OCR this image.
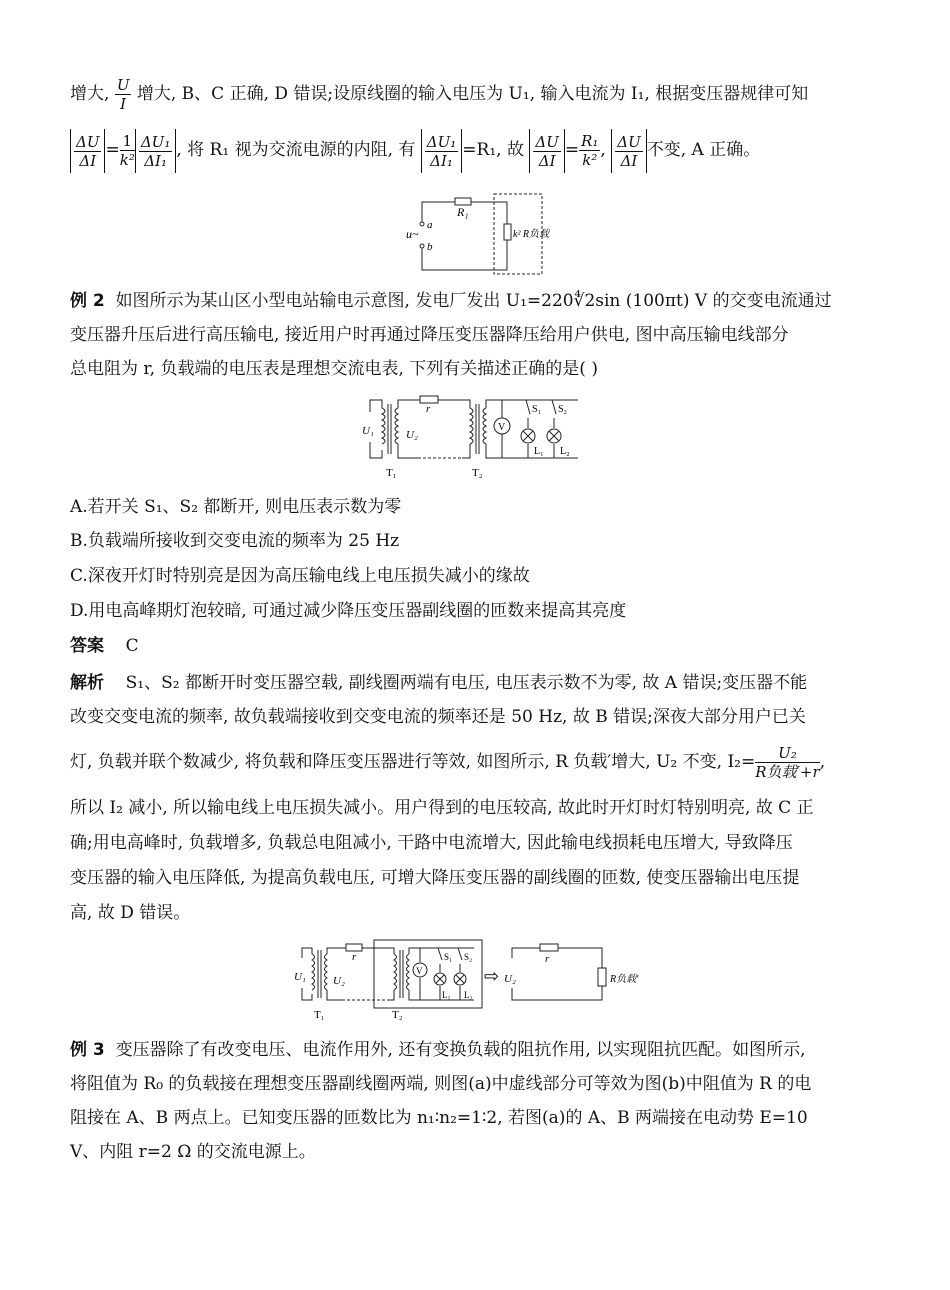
增大, $\frac{U}{I}$ 增大, B、C 正确, D 错误;设原线圈的输入电压为 U₁, 输入电流为 I₁, 根据变压器规律可知
$\frac{\Delta U}{\Delta I} = \frac{1}{\text{k²}} \frac{\text{ΔU₁}}{\text{ΔI₁}}$ , 将 R₁ 视为交流电源的内阻, 有 $\frac{\text{ΔU₁}}{\text{ΔI₁}} =R_1$, 故 $\frac{\Delta U}{\Delta I} = \frac{\text{R₁}}{\text{k²}}$ , $\frac{\Delta U}{\Delta I}$ 不变, A 正确。
R₁
u~
a
b
k² R负载
例 2 如图所示为某山区小型电站输电示意图, 发电厂发出 U₁=220∜2sin (100πt) V 的交变电流通过
变压器升压后进行高压输电, 接近用户时再通过降压变压器降压给用户供电, 图中高压输电线部分
总电阻为 r, 负载端的电压表是理想交流电表, 下列有关描述正确的是( )
U₁	U₂
r
T₁	T₂
V
S₁ S₂
L₁ L₂
A.若开关 S₁、S₂ 都断开, 则电压表示数为零
B.负载端所接收到交变电流的频率为 25 Hz
C.深夜开灯时特别亮是因为高压输电线上电压损失减小的缘故
D.用电高峰期灯泡较暗, 可通过减少降压变压器副线圈的匝数来提高其亮度
答案 C
解析 S₁、S₂ 都断开时变压器空载, 副线圈两端有电压, 电压表示数不为零, 故 A 错误;变压器不能
改变交变电流的频率, 故负载端接收到交变电流的频率还是 50 Hz, 故 B 错误;深夜大部分用户已关
灯, 负载并联个数减少, 将负载和降压变压器进行等效, 如图所示, R 负载′增大, U₂ 不变, $I_2= \frac{\text{U₂}}{\text{R负载′+r}}$ ,
所以 I₂ 减小, 所以输电线上电压损失减小。用户得到的电压较高, 故此时开灯时灯特别明亮, 故 C 正
确;用电高峰时, 负载增多, 负载总电阻减小, 干路中电流增大, 因此输电线损耗电压增大, 导致降压
变压器的输入电压降低, 为提高负载电压, 可增大降压变压器的副线圈的匝数, 使变压器输出电压提
高, 故 D 错误。
U₁ U₂
r
T₁	T₂
V
S₁ S₂
L₁ L₂
⇨ U₂
r
R负载′
例 3 变压器除了有改变电压、电流作用外, 还有变换负载的阻抗作用, 以实现阻抗匹配。如图所示,
将阻值为 R₀ 的负载接在理想变压器副线圈两端, 则图(a)中虚线部分可等效为图(b)中阻值为 R 的电
阻接在 A、B 两点上。已知变压器的匝数比为 n₁∶n₂=1∶2, 若图(a)的 A、B 两端接在电动势 E=10
V、内阻 r=2 Ω 的交流电源上。
